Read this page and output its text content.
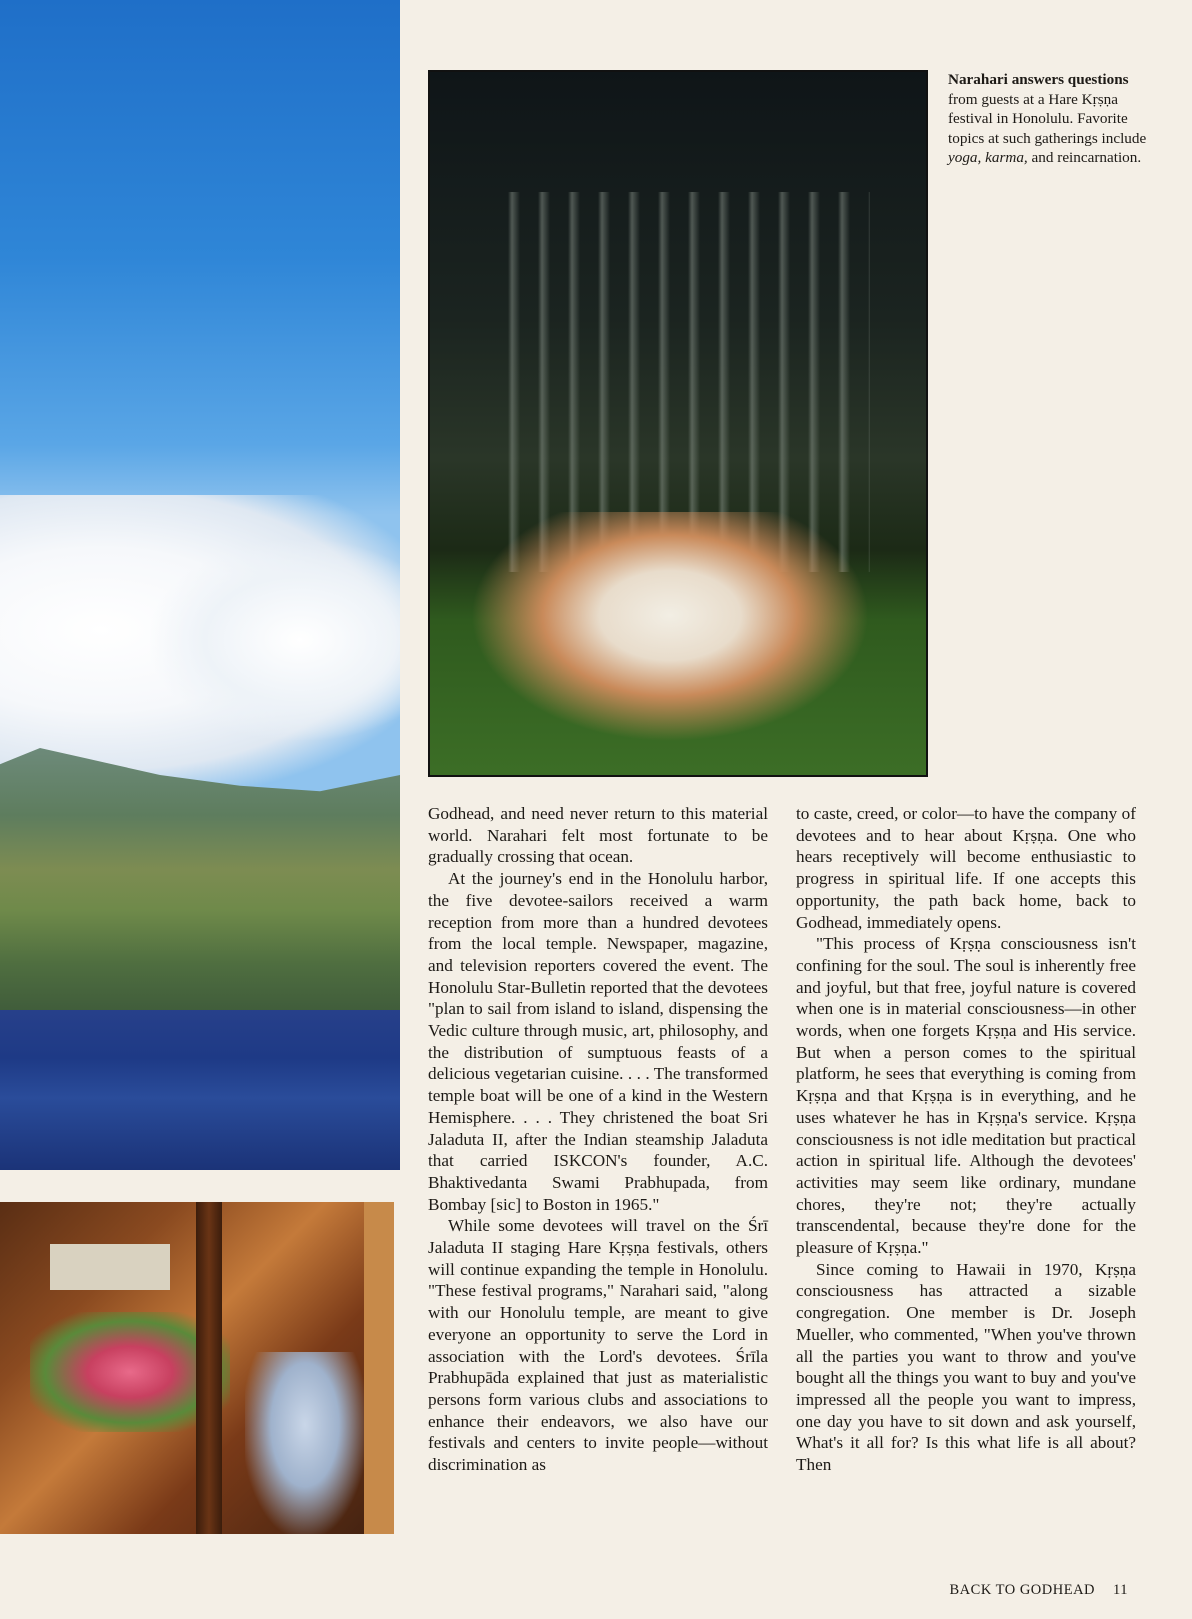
Narahari answers questions from guests at a Hare Kṛṣṇa festival in Honolulu. Favorite topics at such gatherings include yoga, karma, and reincarnation.

Godhead, and need never return to this material world. Narahari felt most fortunate to be gradually crossing that ocean.

At the journey's end in the Honolulu harbor, the five devotee-sailors received a warm reception from more than a hundred devotees from the local temple. Newspaper, magazine, and television reporters covered the event. The Honolulu Star-Bulletin reported that the devotees "plan to sail from island to island, dispensing the Vedic culture through music, art, philosophy, and the distribution of sumptuous feasts of a delicious vegetarian cuisine. . . . The transformed temple boat will be one of a kind in the Western Hemisphere. . . . They christened the boat Sri Jaladuta II, after the Indian steamship Jaladuta that carried ISKCON's founder, A.C. Bhaktivedanta Swami Prabhupada, from Bombay [sic] to Boston in 1965."

While some devotees will travel on the Śrī Jaladuta II staging Hare Kṛṣṇa festivals, others will continue expanding the temple in Honolulu. "These festival programs," Narahari said, "along with our Honolulu temple, are meant to give everyone an opportunity to serve the Lord in association with the Lord's devotees. Śrīla Prabhupāda explained that just as materialistic persons form various clubs and associations to enhance their endeavors, we also have our festivals and centers to invite people—without discrimination as

to caste, creed, or color—to have the company of devotees and to hear about Kṛṣṇa. One who hears receptively will become enthusiastic to progress in spiritual life. If one accepts this opportunity, the path back home, back to Godhead, immediately opens.

"This process of Kṛṣṇa consciousness isn't confining for the soul. The soul is inherently free and joyful, but that free, joyful nature is covered when one is in material consciousness—in other words, when one forgets Kṛṣṇa and His service. But when a person comes to the spiritual platform, he sees that everything is coming from Kṛṣṇa and that Kṛṣṇa is in everything, and he uses whatever he has in Kṛṣṇa's service. Kṛṣṇa consciousness is not idle meditation but practical action in spiritual life. Although the devotees' activities may seem like ordinary, mundane chores, they're not; they're actually transcendental, because they're done for the pleasure of Kṛṣṇa."

Since coming to Hawaii in 1970, Kṛṣṇa consciousness has attracted a sizable congregation. One member is Dr. Joseph Mueller, who commented, "When you've thrown all the parties you want to throw and you've bought all the things you want to buy and you've impressed all the people you want to impress, one day you have to sit down and ask yourself, What's it all for? Is this what life is all about? Then

BACK TO GODHEAD 11
